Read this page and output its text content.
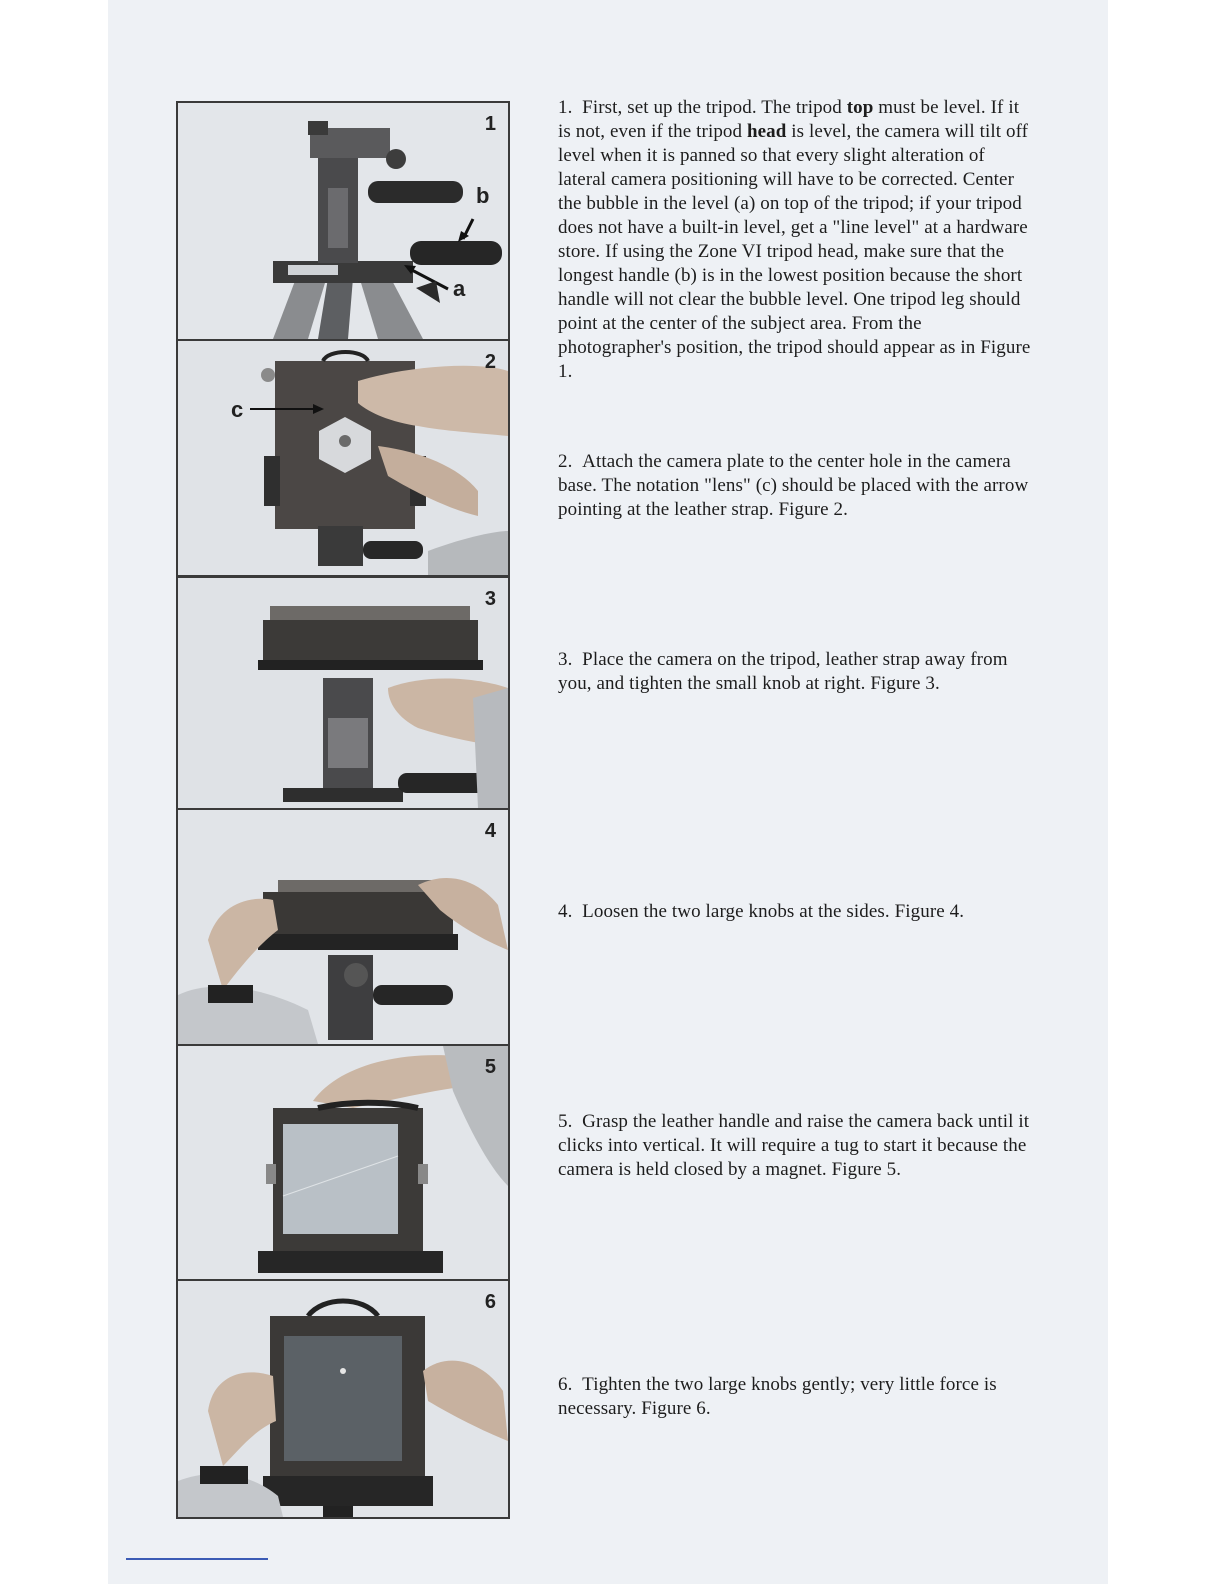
1
b
a
2
c
3
4
5
6

1. First, set up the tripod. The tripod top must be level. If it is not, even if the tripod head is level, the camera will tilt off level when it is panned so that every slight alteration of lateral camera positioning will have to be corrected. Center the bubble in the level (a) on top of the tripod; if your tripod does not have a built-in level, get a "line level" at a hardware store. If using the Zone VI tripod head, make sure that the longest handle (b) is in the lowest position because the short handle will not clear the bubble level. One tripod leg should point at the center of the subject area. From the photographer's position, the tripod should appear as in Figure 1.

2. Attach the camera plate to the center hole in the camera base. The notation "lens" (c) should be placed with the arrow pointing at the leather strap. Figure 2.

3. Place the camera on the tripod, leather strap away from you, and tighten the small knob at right. Figure 3.

4. Loosen the two large knobs at the sides. Figure 4.

5. Grasp the leather handle and raise the camera back until it clicks into vertical. It will require a tug to start it because the camera is held closed by a magnet. Figure 5.

6. Tighten the two large knobs gently; very little force is necessary. Figure 6.
